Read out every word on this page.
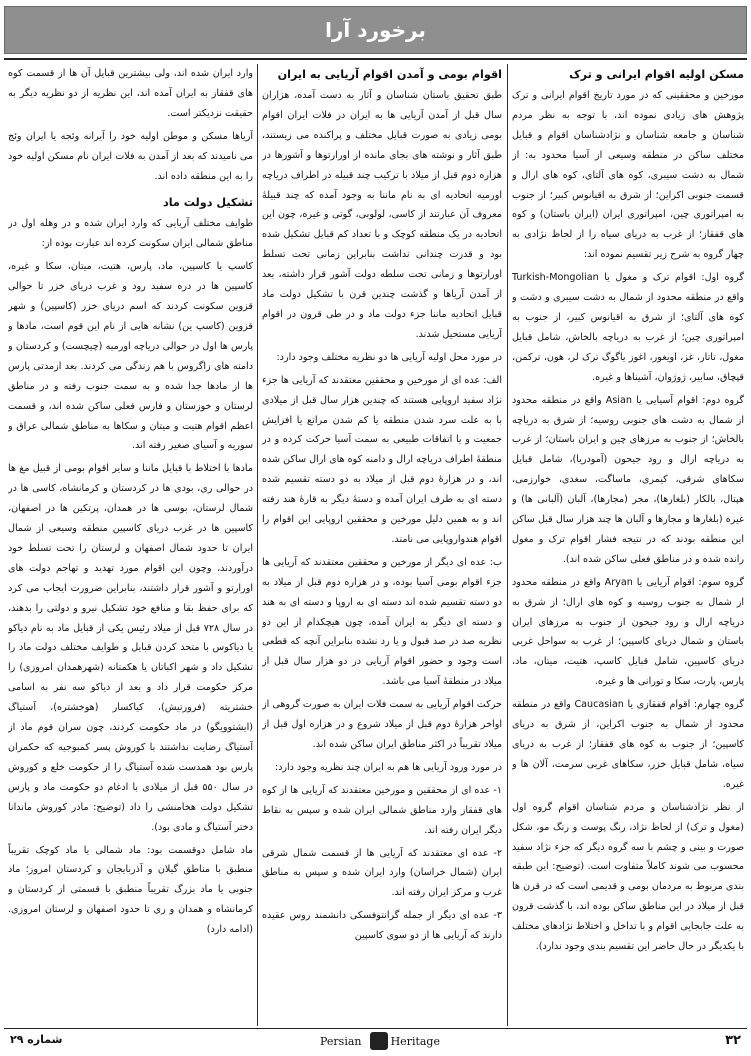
برخورد آرا
مسکن اولیه اقوام ایرانی و ترک
مورخین و محققینی که در مورد تاریخ اقوام ایرانی و ترک پژوهش های زیادی نموده اند، با توجه به نظر مردم شناسان و جامعه شناسان و نژادشناسان اقوام و قبایل مختلف ساکن در منطقه وسیعی از آسیا محدود به: از شمال به دشت سیبری، کوه های آلتای، کوه های ارال و قسمت جنوبی اکراین؛ از شرق به اقیانوس کبیر؛ از جنوب به امپراتوری چین، امپراتوری ایران (ایران باستان) و کوه های قفقاز؛ از غرب به دریای سیاه را از لحاظ نژادی به چهار گروه به شرح زیر تقسیم نموده اند:
گروه اول: اقوام ترک و مغول یا Turkish-Mongolian واقع در منطقه محدود از شمال به دشت سیبری و دشت و کوه های آلتای؛ از شرق به اقیانوس کبیر، از جنوب به امپراتوری چین؛ از غرب به دریاچه بالخاش، شامل قبایل مغول، تاتار، غز، اویغور، اغوز یاگوگ ترک لر، هون، ترکمن، قپچاق، سابیر، ژوژوان، آشیناها و غیره.
گروه دوم: اقوام آسیایی یا Asian واقع در منطقه محدود از شمال به دشت های جنوبی روسیه؛ از شرق به دریاچه بالخاش؛ از جنوب به مرزهای چین و ایران باستان؛ از غرب به دریاچه ارال و رود جیحون (آمودریا)، شامل قبایل سکاهای شرقی، کیمری، ماساگت، سغدی، خوارزمی، هپتال، بالکار (بلغارها)، مجر (مجارها)، آلبان (آلبانی ها) و غیره (بلغارها و مجارها و آلبان ها چند هزار سال قبل ساکن این منطقه بودند که در نتیجه فشار اقوام ترک و مغول رانده شده و در مناطق فعلی ساکن شده اند).
گروه سوم: اقوام آریایی یا Aryan واقع در منطقه محدود از شمال به جنوب روسیه و کوه های ارال؛ از شرق به دریاچه ارال و رود جیحون از جنوب به مرزهای ایران باستان و شمال دریای کاسپین؛ از غرب به سواحل غربی دریای کاسپین، شامل قبایل کاسپ، هتیت، میتان، ماد، پارس، پارت، سکا و تورانی ها و غیره.
گروه چهارم: اقوام قفقازی یا Caucasian واقع در منطقه محدود از شمال به جنوب اکراین، از شرق به دریای کاسپین؛ از جنوب به کوه های قفقاز؛ از غرب به دریای سیاه، شامل قبایل خزر، سکاهای غربی سرمت، آلان ها و غیره.
از نظر نژادشناسان و مردم شناسان اقوام گروه اول (مغول و ترک) از لحاظ نژاد، رنگ پوست و رنگ مو، شکل صورت و بینی و چشم با سه گروه دیگر که جزء نژاد سفید محسوب می شوند کاملاً متفاوت است. (توضیح: این طبقه بندی مربوط به مردمان بومی و قدیمی است که در قرن ها قبل از میلاد در این مناطق ساکن بوده اند، با گذشت قرون به علت جابجایی اقوام و با تداخل و اختلاط نژادهای مختلف با یکدیگر در حال حاضر این تقسیم بندی وجود ندارد).
اقوام بومی و آمدن اقوام آریایی به ایران
طبق تحقیق باستان شناسان و آثار به دست آمده، هزاران سال قبل از آمدن آریایی ها به ایران در فلات ایران اقوام بومی زیادی به صورت قبایل مختلف و پراکنده می زیستند، طبق آثار و نوشته های بجای مانده از اورارتوها و آشورها در هزاره دوم قبل از میلاد با ترکیب چند قبیله در اطراف دریاچه اورمیه اتحادیه ای به نام ماننا به وجود آمده که چند قبیلهٔ معروف آن عبارتند از کاسی، لولوبی، گوتی و غیره، چون این اتحادیه در یک منطقه کوچک و با تعداد کم قبایل تشکیل شده بود و قدرت چندانی نداشت بنابراین زمانی تحت تسلط اورارتوها و زمانی تحت سلطه دولت آشور قرار داشته، بعد از آمدن آریاها و گذشت چندین قرن با تشکیل دولت ماد قبایل اتحادیه ماننا جزء دولت ماد و در طی قرون در اقوام آریایی مستحیل شدند.
در مورد محل اولیه آریایی ها دو نظریه مختلف وجود دارد:
الف: عده ای از مورخین و محققین معتقدند که آریایی ها جزء نژاد سفید اروپایی هستند که چندین هزار سال قبل از میلادی با به علت سرد شدن منطقه یا کم شدن مراتع یا افزایش جمعیت و یا اتفاقات طبیعی به سمت آسیا حرکت کرده و در منطقهٔ اطراف دریاچه ارال و دامنه کوه های ارال ساکن شده اند، و در هزارهٔ دوم قبل از میلاد به دو دسته تقسیم شده دسته ای به طرف ایران آمده و دستهٔ دیگر به قارهٔ هند رفته اند و به همین دلیل مورخین و محققین اروپایی این اقوام را اقوام هندواروپایی می نامند.
ب: عده ای دیگر از مورخین و محققین معتقدند که آریایی ها جزء اقوام بومی آسیا بوده، و در هزاره دوم قبل از میلاد به دو دسته تقسیم شده اند دسته ای به اروپا و دسته ای به هند و دسته ای دیگر به ایران آمده، چون هیچکدام از این دو نظریه صد در صد قبول و یا رد نشده بنابراین آنچه که قطعی است وجود و حضور اقوام آریایی در دو هزار سال قبل از میلاد در منطقهٔ آسیا می باشد.
حرکت اقوام آریایی به سمت فلات ایران به صورت گروهی از اواخر هزارهٔ دوم قبل از میلاد شروع و در هزاره اول قبل از میلاد تقریباً در اکثر مناطق ایران ساکن شده اند.
در مورد ورود آریایی ها هم به ایران چند نظریه وجود دارد:
۱- عده ای از محققین و مورخین معتقدند که آریایی ها از کوه های قفقاز وارد مناطق شمالی ایران شده و سپس به نقاط دیگر ایران رفته اند.
۲- عده ای معتقدند که آریایی ها از قسمت شمال شرقی ایران (شمال خراسان) وارد ایران شده و سپس به مناطق غرب و مرکز ایران رفته اند.
۳- عده ای دیگر از جمله گرانتوفسکی دانشمند روس عقیده دارند که آریایی ها از دو سوی کاسپین
وارد ایران شده اند، ولی بیشترین قبایل آن ها از قسمت کوه های قفقاز به ایران آمده اند، این نظریه از دو نظریه دیگر به حقیقت نزدیکتر است.
آریاها مسکن و موطن اولیه خود را آیرانه وئجه یا ایران وئج می نامیدند که بعد از آمدن به فلات ایران نام مسکن اولیه خود را به این منطقه داده اند.
تشکیل دولت ماد
طوایف مختلف آریایی که وارد ایران شده و در وهله اول در مناطق شمالی ایران سکونت کرده اند عبارت بوده از:
کاسپ یا کاسپین، ماد، پارس، هتیت، میتان، سکا و غیره، کاسپین ها در دره سفید رود و غرب دریای خزر تا حوالی قزوین سکونت کردند که اسم دریای خزر (کاسپین) و شهر قزوین (کاسپ ین) نشانه هایی از نام این قوم است، مادها و پارس ها اول در حوالی دریاچه اورمیه (چیچست) و کردستان و دامنه های زاگروس با هم زندگی می کردند. بعد ازمدتی پارس ها از مادها جدا شده و به سمت جنوب رفته و در مناطق لرستان و خوزستان و فارس فعلی ساکن شده اند، و قسمت اعظم اقوام هتیت و میتان و سکاها به مناطق شمالی عراق و سوریه و آسیای صغیر رفته اند.
مادها با اختلاط با قبایل ماننا و سایر اقوام بومی از قبیل مغ ها در حوالی ری، بودی ها در کردستان و کرمانشاه، کاسی ها در شمال لرستان، بوسی ها در همدان، پرتکین ها در اصفهان، کاسپین ها در غرب دریای کاسپین منطقه وسیعی از شمال ایران تا حدود شمال اصفهان و لرستان را تحت تسلط خود درآوردند، وچون این اقوام مورد تهدید و تهاجم دولت های اورارتو و آشور قرار داشتند، بنابراین ضرورت ایجاب می کرد که برای حفظ بقا و منافع خود تشکیل نیرو و دولتی را بدهند، در سال ۷۲۸ قبل از میلاد رئیس یکی از قبایل ماد به نام دیاکو یا دیاکوس با متحد کردن قبایل و طوایف مختلف دولت ماد را تشکیل داد و شهر اکباتان یا هکمتانه (شهرهمدان امروزی) را مرکز حکومت قرار داد و بعد از دیاکو سه نفر به اسامی خشتریته (فرورتیش)، کیاکسار (هوخشتره)، آستیاگ (ایشتوویگو) در ماد حکومت کردند، چون سران قوم ماد از آستیاگ رضایت نداشتند با کوروش پسر کمبوجیه که حکمران پارس بود همدست شده آستیاگ را از حکومت خلع و کوروش در سال ۵۵۰ قبل از میلادی با ادغام دو حکومت ماد و پارس تشکیل دولت هخامنشی را داد (توضیح: مادر کوروش ماندانا دختر آستیاگ و مادی بود).
ماد شامل دوقسمت بود: ماد شمالی یا ماد کوچک تقریباً منطبق با مناطق گیلان و آذربایجان و کردستان امروز؛ ماد جنوبی یا ماد بزرگ تقریباً منطبق با قسمتی از کردستان و کرمانشاه و همدان و ری تا حدود اصفهان و لرستان امروزی. (ادامه دارد)
۳۲
Persian	Heritage
شماره ۲۹
